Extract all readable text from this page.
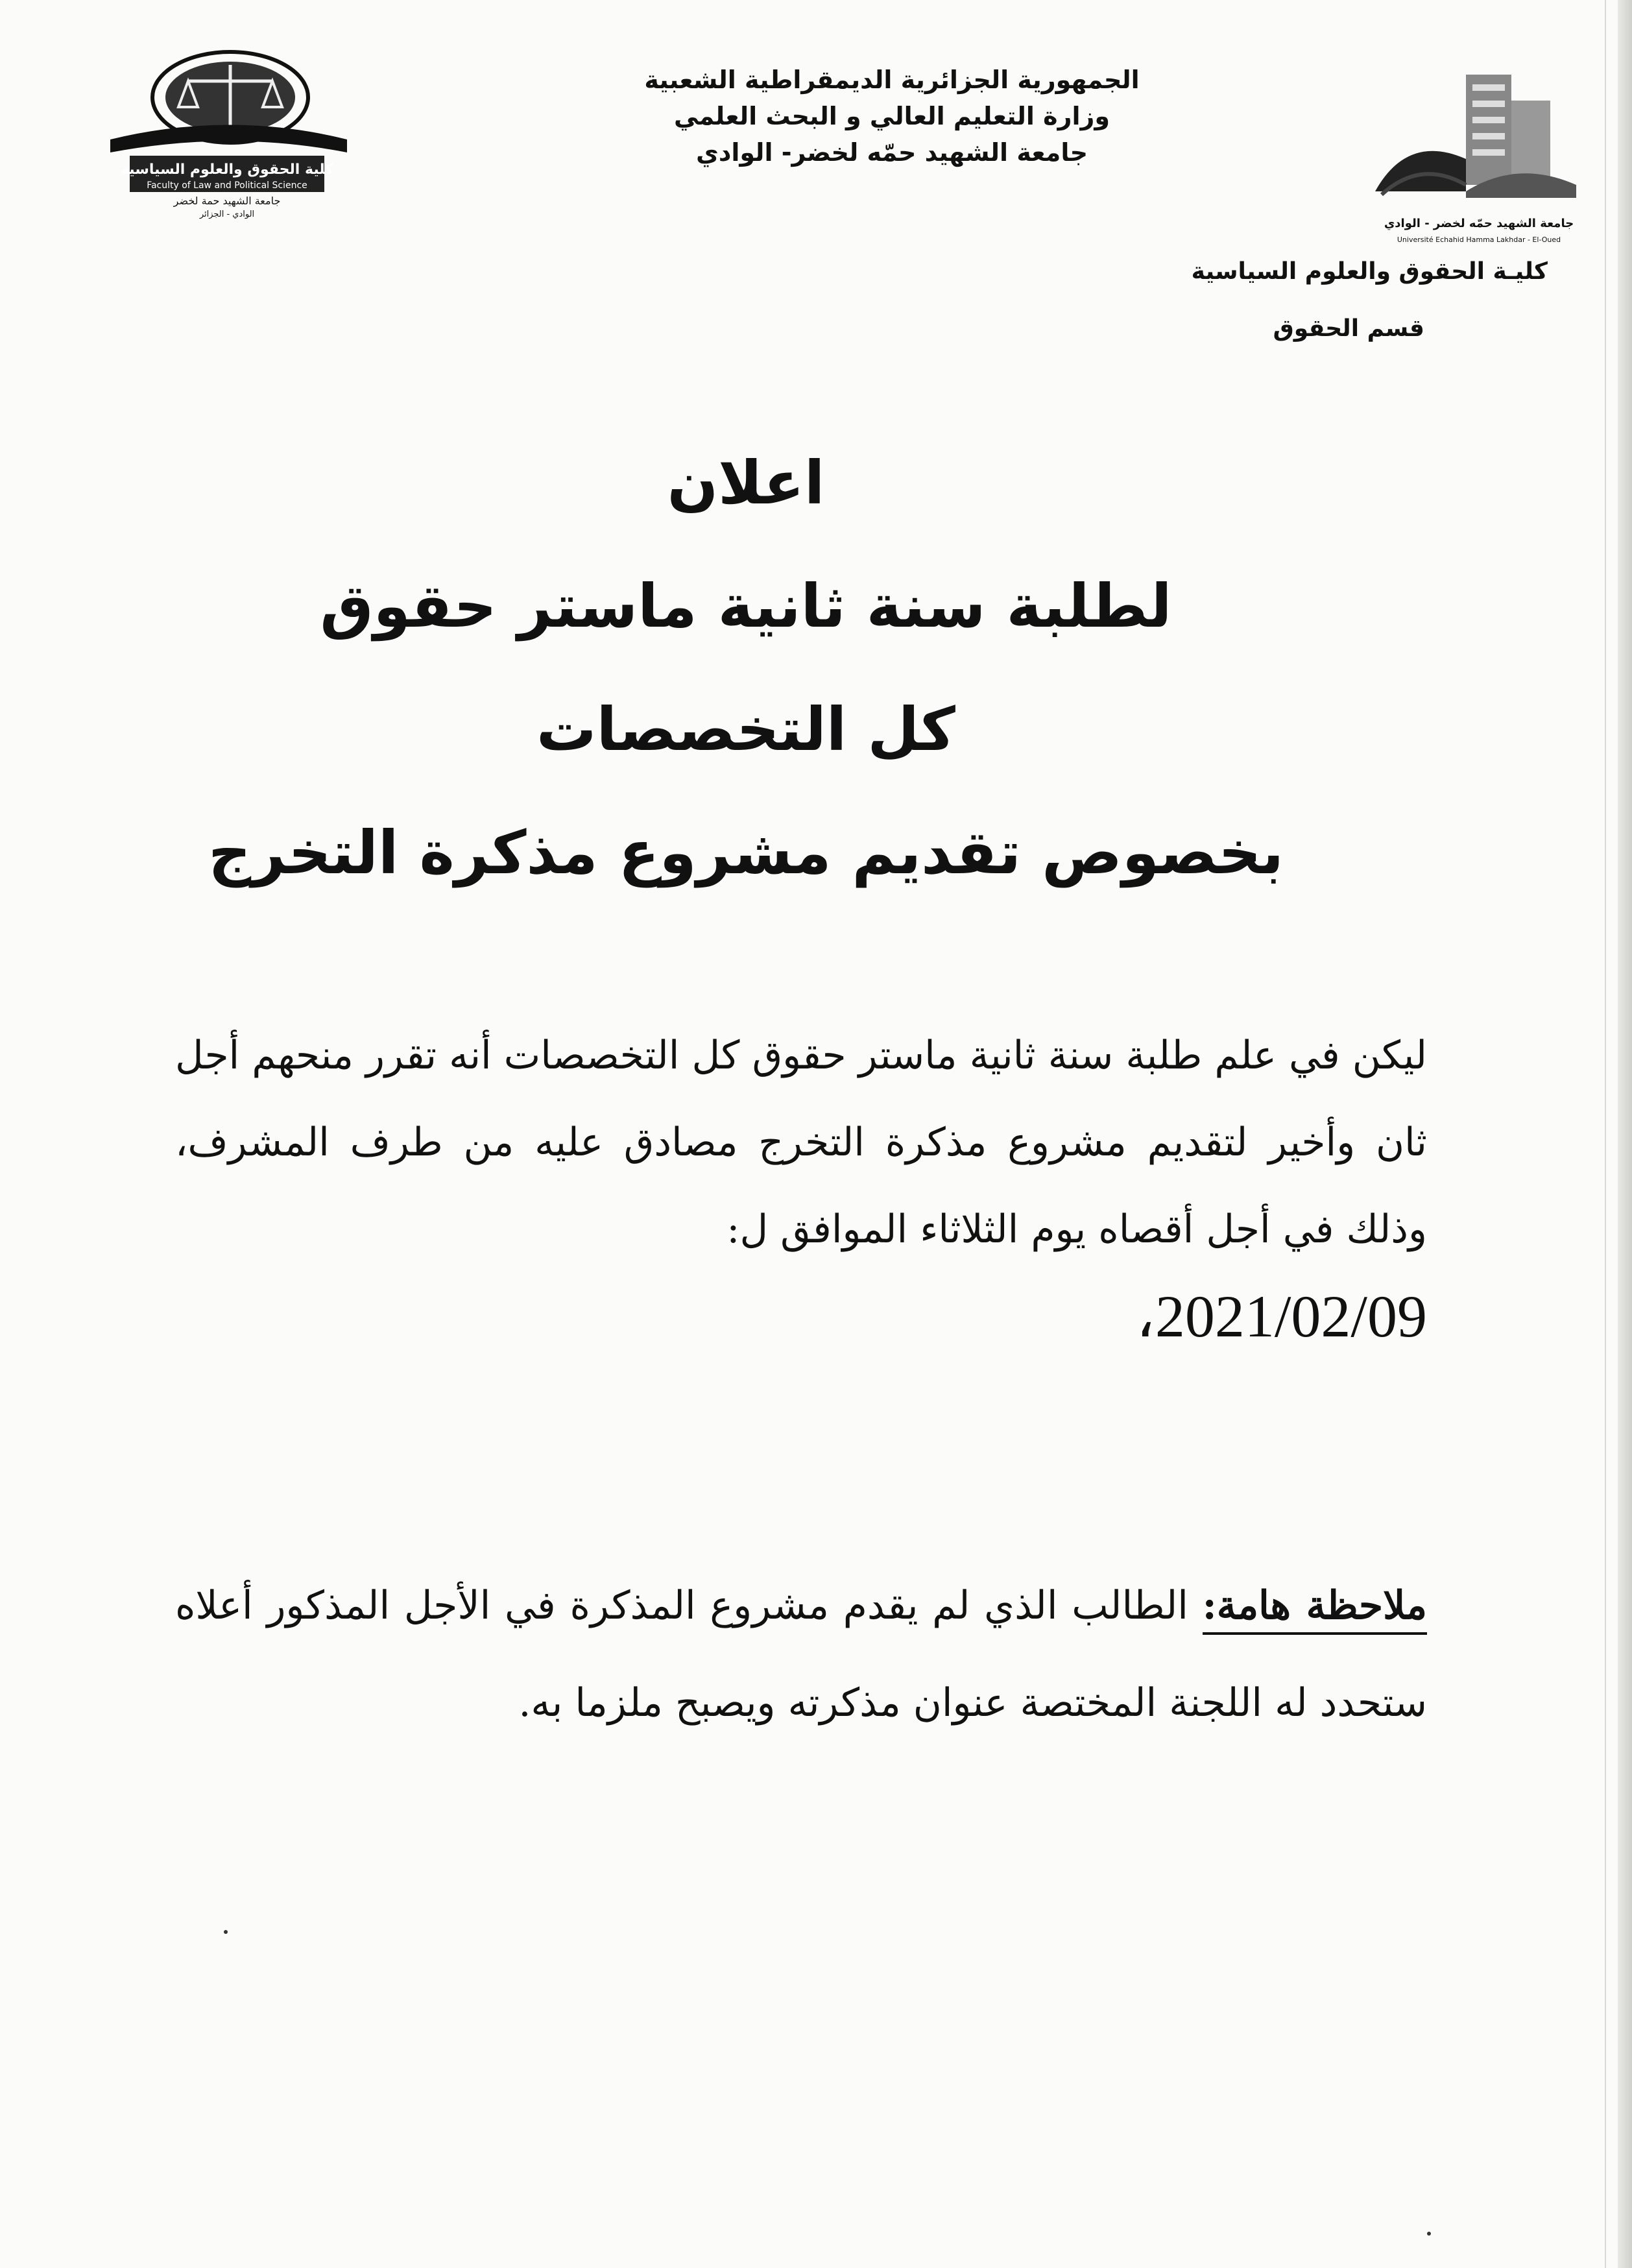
كلية الحقوق والعلوم السياسية
Faculty of Law and Political Science
جامعة الشهيد حمة لخضر
الوادي - الجزائر
الجمهورية الجزائرية الديمقراطية الشعبية
وزارة التعليم العالي و البحث العلمي
جامعة الشهيد حمّه لخضر- الوادي
جامعة الشهيد حمّه لخضر - الوادي
Université Echahid Hamma Lakhdar - El-Oued
كليـة الحقوق والعلوم السياسية
قسم الحقوق
اعلان
لطلبة سنة ثانية ماستر حقوق
كل التخصصات
بخصوص تقديم مشروع مذكرة التخرج
ليكن في علم طلبة سنة ثانية ماستر حقوق كل التخصصات أنه تقرر منحهم أجل ثان وأخير لتقديم مشروع مذكرة التخرج مصادق عليه من طرف المشرف، وذلك في أجل أقصاه يوم الثلاثاء الموافق ل:
2021/02/09،
ملاحظة هامة: الطالب الذي لم يقدم مشروع المذكرة في الأجل المذكور أعلاه ستحدد له اللجنة المختصة عنوان مذكرته ويصبح ملزما به.
